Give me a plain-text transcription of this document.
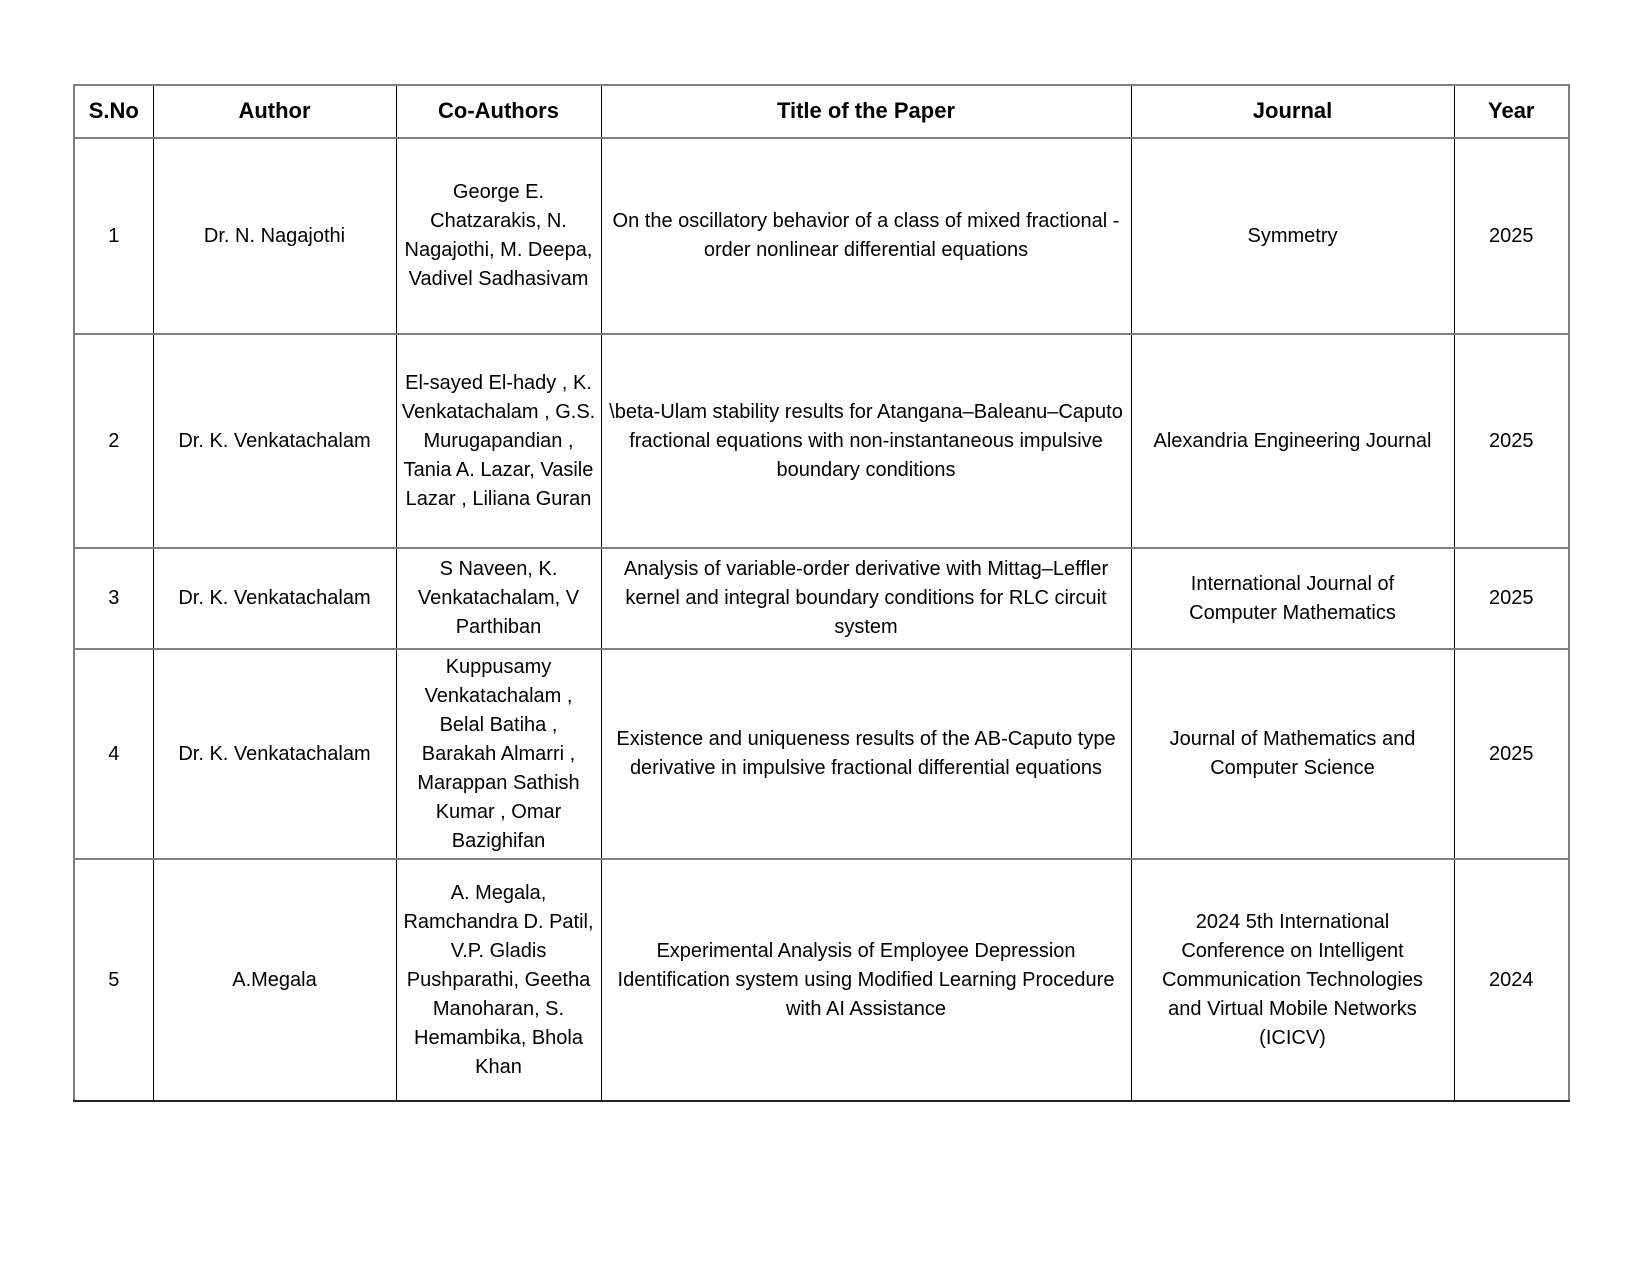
S.No	Author	Co-Authors	Title of the Paper	Journal	Year
1	Dr. N. Nagajothi	George E. Chatzarakis, N. Nagajothi, M. Deepa, Vadivel Sadhasivam	On the oscillatory behavior of a class of mixed fractional - order nonlinear differential equations	Symmetry	2025
2	Dr. K. Venkatachalam	El-sayed El-hady , K. Venkatachalam , G.S. Murugapandian , Tania A. Lazar, Vasile Lazar , Liliana Guran	\beta-Ulam stability results for Atangana–Baleanu–Caputo fractional equations with non-instantaneous impulsive boundary conditions	Alexandria Engineering Journal	2025
3	Dr. K. Venkatachalam	S Naveen, K. Venkatachalam, V Parthiban	Analysis of variable-order derivative with Mittag–Leffler kernel and integral boundary conditions for RLC circuit system	International Journal of Computer Mathematics	2025
4	Dr. K. Venkatachalam	Kuppusamy Venkatachalam , Belal Batiha , Barakah Almarri , Marappan Sathish Kumar , Omar Bazighifan	Existence and uniqueness results of the AB-Caputo type derivative in impulsive fractional differential equations	Journal of Mathematics and Computer Science	2025
5	A.Megala	A. Megala, Ramchandra D. Patil, V.P. Gladis Pushparathi, Geetha Manoharan, S. Hemambika, Bhola Khan	Experimental Analysis of Employee Depression Identification system using Modified Learning Procedure with AI Assistance	2024 5th International Conference on Intelligent Communication Technologies and Virtual Mobile Networks (ICICV)	2024
